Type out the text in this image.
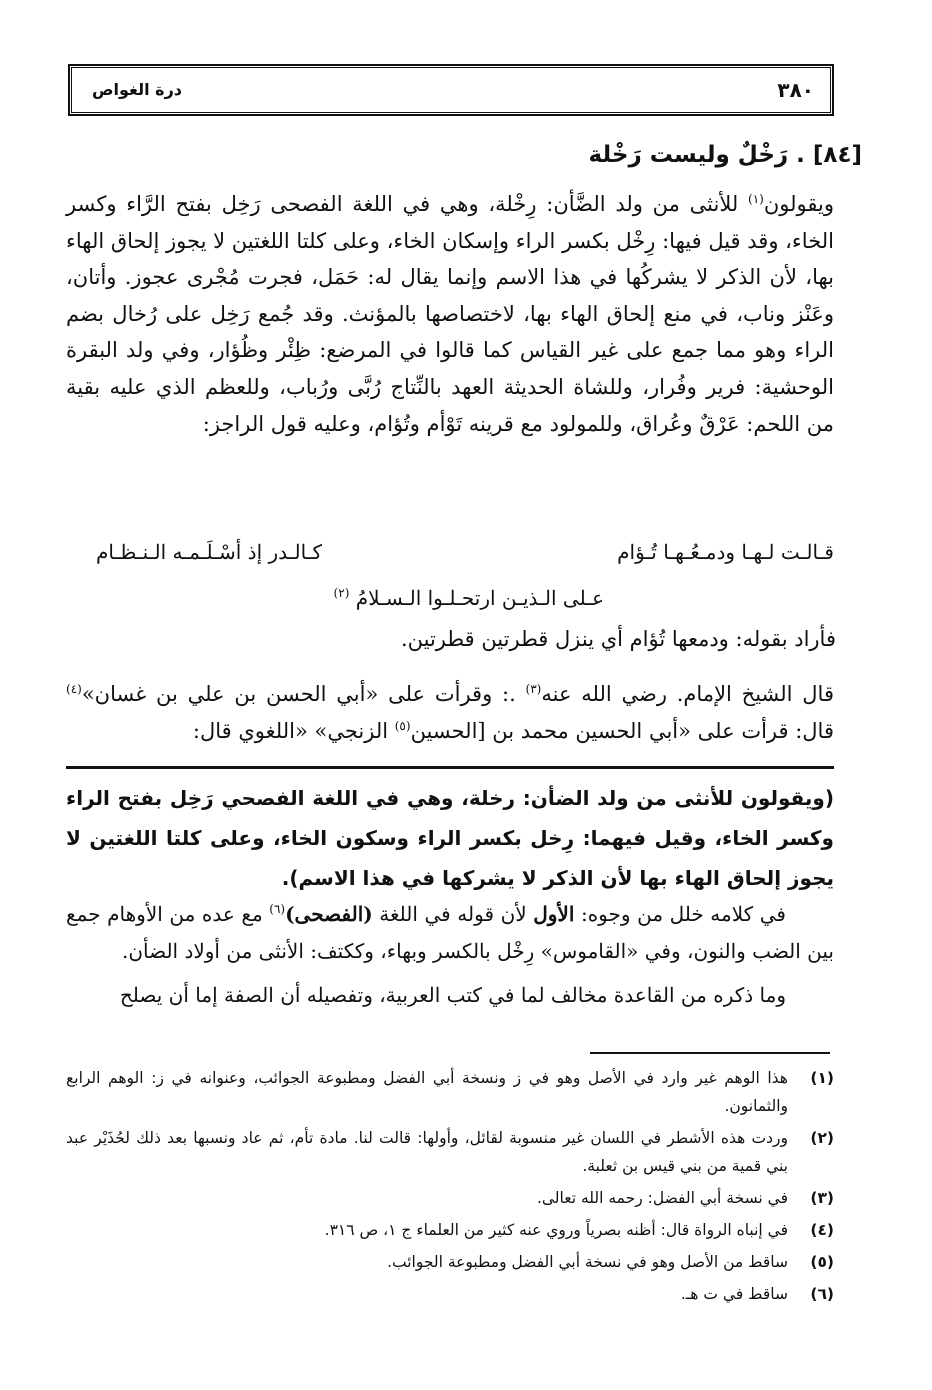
٣٨٠
درة الغواص
[٨٤] . رَخْلٌ وليست رَخْلة

ويقولون$^{(١)}$ للأنثى من ولد الضَّأن: رِخْلة، وهي في اللغة الفصحى رَخِل بفتح الرَّاء وكسر الخاء، وقد قيل فيها: رِخْل بكسر الراء وإسكان الخاء، وعلى كلتا اللغتين لا يجوز إلحاق الهاء بها، لأن الذكر لا يشركُها في هذا الاسم وإنما يقال له: حَمَل، فجرت مُجْرى عجوز. وأتان، وعَنْز وناب، في منع إلحاق الهاء بها، لاختصاصها بالمؤنث. وقد جُمع رَخِل على رُخال بضم الراء وهو مما جمع على غير القياس كما قالوا في المرضع: ظِئْر وظُؤار، وفي ولد البقرة الوحشية: فرير وفُرار، وللشاة الحديثة العهد بالنِّتاج رُبَّى ورُباب، وللعظم الذي عليه بقية من اللحم: عَرْقٌ وعُراق، وللمولود مع قرينه تَوْأم وتُؤام، وعليه قول الراجز:

قـالـت لـهـا ودمـعُـهـا تُـؤام
كـالـدر إذ أسْـلَـمـه الـنـظـام
عـلى الـذيـن ارتحـلـوا الـسـلامُ $^{(٢)}$
فأراد بقوله: ودمعها تُؤام أي ينزل قطرتين قطرتين.

قال الشيخ الإمام. رضي الله عنه$^{(٣)}$ .: وقرأت على «أبي الحسن بن علي بن غسان»$^{(٤)}$ قال: قرأت على «أبي الحسين محمد بن [الحسين$^{(٥)}$ الزنجي» «اللغوي قال:

(ويقولون للأنثى من ولد الضأن: رخلة، وهي في اللغة الفصحي رَخِل بفتح الراء وكسر الخاء، وقيل فيهما: رِخل بكسر الراء وسكون الخاء، وعلى كلتا اللغتين لا يجوز إلحاق الهاء بها لأن الذكر لا يشركها في هذا الاسم).

في كلامه خلل من وجوه: الأول لأن قوله في اللغة (الفصحى)$^{(٦)}$ مع عده من الأوهام جمع بين الضب والنون، وفي «القاموس» رِخْل بالكسر وبهاء، وككتف: الأنثى من أولاد الضأن.

وما ذكره من القاعدة مخالف لما في كتب العربية، وتفصيله أن الصفة إما أن يصلح

(١)
هذا الوهم غير وارد في الأصل وهو في ز ونسخة أبي الفضل ومطبوعة الجوائب، وعنوانه في ز: الوهم الرابع والثمانون.
(٢)
وردت هذه الأشطر في اللسان غير منسوبة لقائل، وأولها: قالت لنا. مادة تأم، ثم عاد ونسبها بعد ذلك لحُذَيْر عبد بني قمية من بني قيس بن ثعلبة.
(٣)
في نسخة أبي الفضل: رحمه الله تعالى.
(٤)
في إنباه الرواة قال: أظنه بصرياً وروي عنه كثير من العلماء ج ١، ص ٣١٦.
(٥)
ساقط من الأصل وهو في نسخة أبي الفضل ومطبوعة الجوائب.
(٦)
ساقط في ت هـ.
